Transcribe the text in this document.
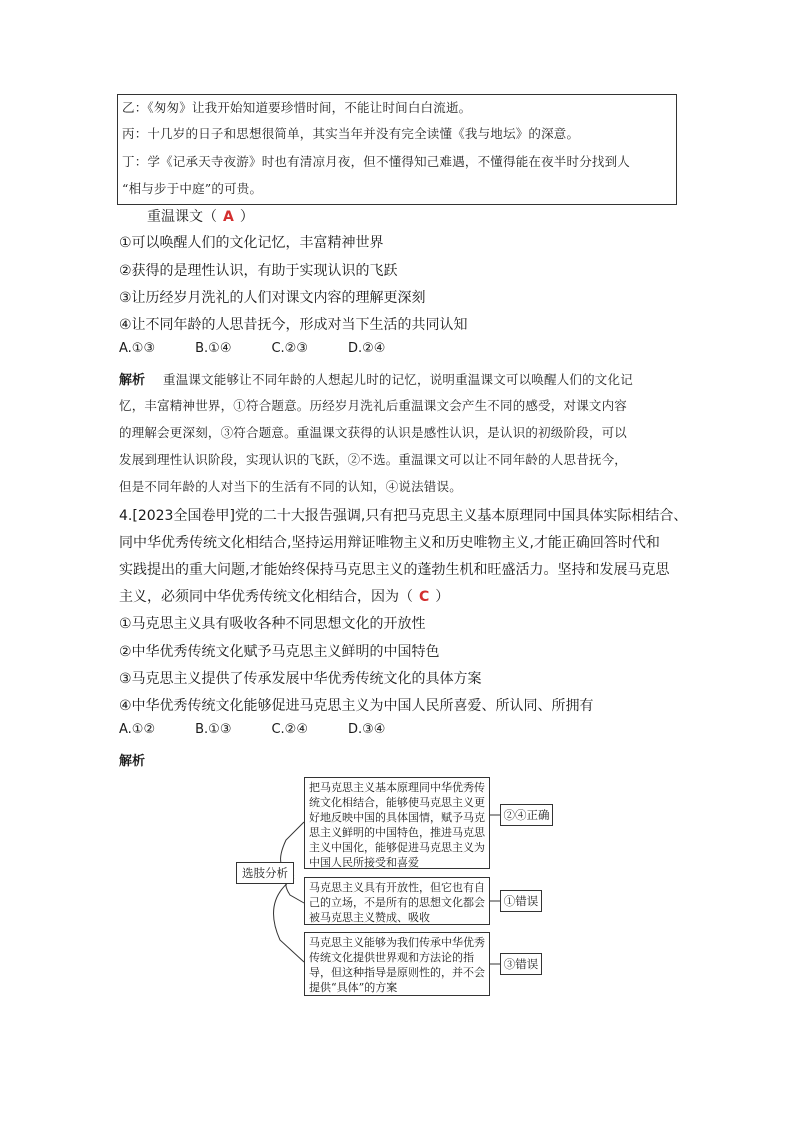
乙：《匆匆》让我开始知道要珍惜时间，不能让时间白白流逝。
丙：十几岁的日子和思想很简单，其实当年并没有完全读懂《我与地坛》的深意。
丁：学《记承天寺夜游》时也有清凉月夜，但不懂得知己难遇，不懂得能在夜半时分找到人
“相与步于中庭”的可贵。
重温课文（ A ）
①可以唤醒人们的文化记忆，丰富精神世界
②获得的是理性认识，有助于实现认识的飞跃
③让历经岁月洗礼的人们对课文内容的理解更深刻
④让不同年龄的人思昔抚今，形成对当下生活的共同认知
A.①③	B.①④	C.②③	D.②④
解析 重温课文能够让不同年龄的人想起儿时的记忆，说明重温课文可以唤醒人们的文化记
忆，丰富精神世界，①符合题意。历经岁月洗礼后重温课文会产生不同的感受，对课文内容
的理解会更深刻，③符合题意。重温课文获得的认识是感性认识，是认识的初级阶段，可以
发展到理性认识阶段，实现认识的飞跃，②不选。重温课文可以让不同年龄的人思昔抚今，
但是不同年龄的人对当下的生活有不同的认知，④说法错误。
4.[2023全国卷甲]党的二十大报告强调,只有把马克思主义基本原理同中国具体实际相结合、
同中华优秀传统文化相结合,坚持运用辩证唯物主义和历史唯物主义,才能正确回答时代和
实践提出的重大问题,才能始终保持马克思主义的蓬勃生机和旺盛活力。坚持和发展马克思
主义，必须同中华优秀传统文化相结合，因为（ C ）
①马克思主义具有吸收各种不同思想文化的开放性
②中华优秀传统文化赋予马克思主义鲜明的中国特色
③马克思主义提供了传承发展中华优秀传统文化的具体方案
④中华优秀传统文化能够促进马克思主义为中国人民所喜爱、所认同、所拥有
A.①②	B.①③	C.②④	D.③④
解析
选肢分析
把马克思主义基本原理同中华优秀传统文化相结合，能够使马克思主义更好地反映中国的具体国情，赋予马克思主义鲜明的中国特色，推进马克思主义中国化，能够促进马克思主义为中国人民所接受和喜爱
②④正确
马克思主义具有开放性，但它也有自己的立场，不是所有的思想文化都会被马克思主义赞成、吸收
①错误
马克思主义能够为我们传承中华优秀传统文化提供世界观和方法论的指导，但这种指导是原则性的，并不会提供“具体”的方案
③错误
